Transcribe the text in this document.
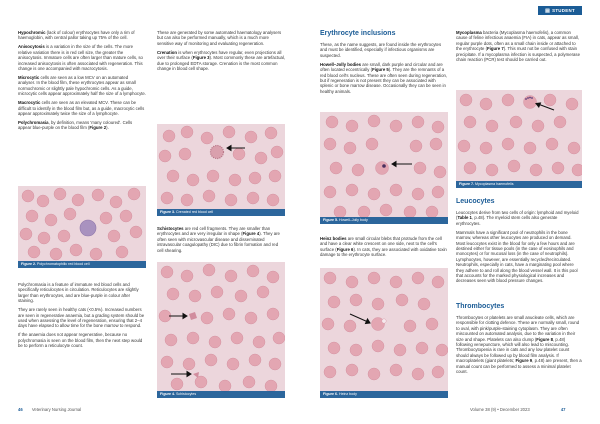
▤ STUDENT

Hypochromic (lack of colour) erythrocytes have only a rim of haemoglobin, with central pallor taking up 75% of the cell.

Anisocytosis is a variation in the size of the cells. The more relative variation there is in red cell size, the greater the anisocytosis. Immature cells are often larger than mature cells, so increased anisocytosis is often associated with regeneration. This change is one accompanied with macrocytosis.

Microcytic cells are seen as a low MCV on an automated analyser. In the blood film, these erythrocytes appear as small normochromic or slightly pale hypochromic cells. As a guide, microcytic cells appear approximately half the size of a lymphocyte.

Macrocytic cells are seen as an elevated MCV. These can be difficult to identify in the blood film but, as a guide, macrocytic cells appear approximately twice the size of a lymphocyte.

Polychromasia, by definition, means 'many coloured'. Cells appear blue-purple on the blood film (Figure 2).

Figure 2. Polychromatophilic red blood cell

Polychromasia is a feature of immature red blood cells and specifically reticulocytes in circulation. Reticulocytes are slightly larger than erythrocytes, and are blue-purple in colour after staining.

They are rarely seen in healthy cats (<0.5%). Increased numbers are seen in regenerative anaemia, but a grading system should be used when assessing the level of regeneration, ensuring that 2–4 days have elapsed to allow time for the bone marrow to respond.

If the anaemia does not appear regenerative, because no polychromasia is seen on the blood film, then the next step would be to perform a reticulocyte count.

These are generated by some automated haematology analysers but can also be performed manually, which is a much more sensitive way of monitoring and evaluating regeneration.

Crenation is when erythrocytes have regular, even projections all over their surface (Figure 3). Most commonly these are artefactual, due to prolonged EDTA storage. Crenation is the most common change in blood cell shape.

Figure 3. Crenated red blood cell

Schistocytes are red cell fragments. They are smaller than erythrocytes and are very irregular in shape (Figure 4). They are often seen with microvascular disease and disseminated intravascular coagulopathy (DIC) due to fibrin formation and red cell shearing.

Figure 4. Schistocytes
Erythrocyte inclusions

These, as the name suggests, are found inside the erythrocytes and must be identified, especially if infectious organisms are suspected.

Howell–Jolly bodies are small, dark purple and circular and are often located eccentrically (Figure 5). They are the remnants of a red blood cell's nucleus. These are often seen during regeneration, but if regeneration is not present they can be associated with splenic or bone marrow disease. Occasionally they can be seen in healthy animals.

Figure 5. Howell–Jolly body

Heinz bodies are small circular blebs that protrude from the cell and have a clear white crescent on one side, next to the cell's surface (Figure 6). In cats, they are associated with oxidative toxin damage to the erythrocyte surface.

Figure 6. Heinz body

Mycoplasma bacteria (Mycoplasma haemofelis), a common cause of feline infectious anaemia (FIA) in cats, appear as small, regular purple dots, often as a small chain inside or attached to the erythrocyte (Figure 7). This must not be confused with stain precipitate. If a mycoplasma infection is suspected, a polymerase chain reaction (PCR) test should be carried out.

Figure 7. Mycoplasma haemofelis
Leucocytes

Leucocytes derive from two cells of origin: lymphoid and myeloid (Table 1, p.48). The myeloid stem cells also generate erythrocytes.

Mammals have a significant pool of neutrophils in the bone marrow, whereas other leucocytes are produced on demand. Most leucocytes exist in the blood for only a few hours and are destined either for tissue pools (in the case of eosinophils and monocytes) or for mucosal loss (in the case of neutrophils). Lymphocytes, however, are essentially recycled/recirculated. Neutrophils, especially in cats, have a marginating pool where they adhere to and roll along the blood vessel wall. It is this pool that accounts for the marked physiological increases and decreases seen with blood pressure changes.

Thrombocytes

Thrombocytes or platelets are small anucleate cells, which are responsible for clotting defence. These are normally small, round to oval, with pink/purple-staining cytoplasm. They are often miscounted on automated analysis, due to the variation in their size and shape. Platelets can also clump (Figure 8, p.48) following venepuncture, which will also lead to miscounting. Thrombocytopenia is rare in cats and any low platelet count should always be followed up by blood film analysis. If macroplatelets (giant platelets; Figure 9, p.48) are present, then a manual count can be performed to assess a minimal platelet count.

46 Veterinary Nursing Journal	Volume 38 (9) • December 2023	47
